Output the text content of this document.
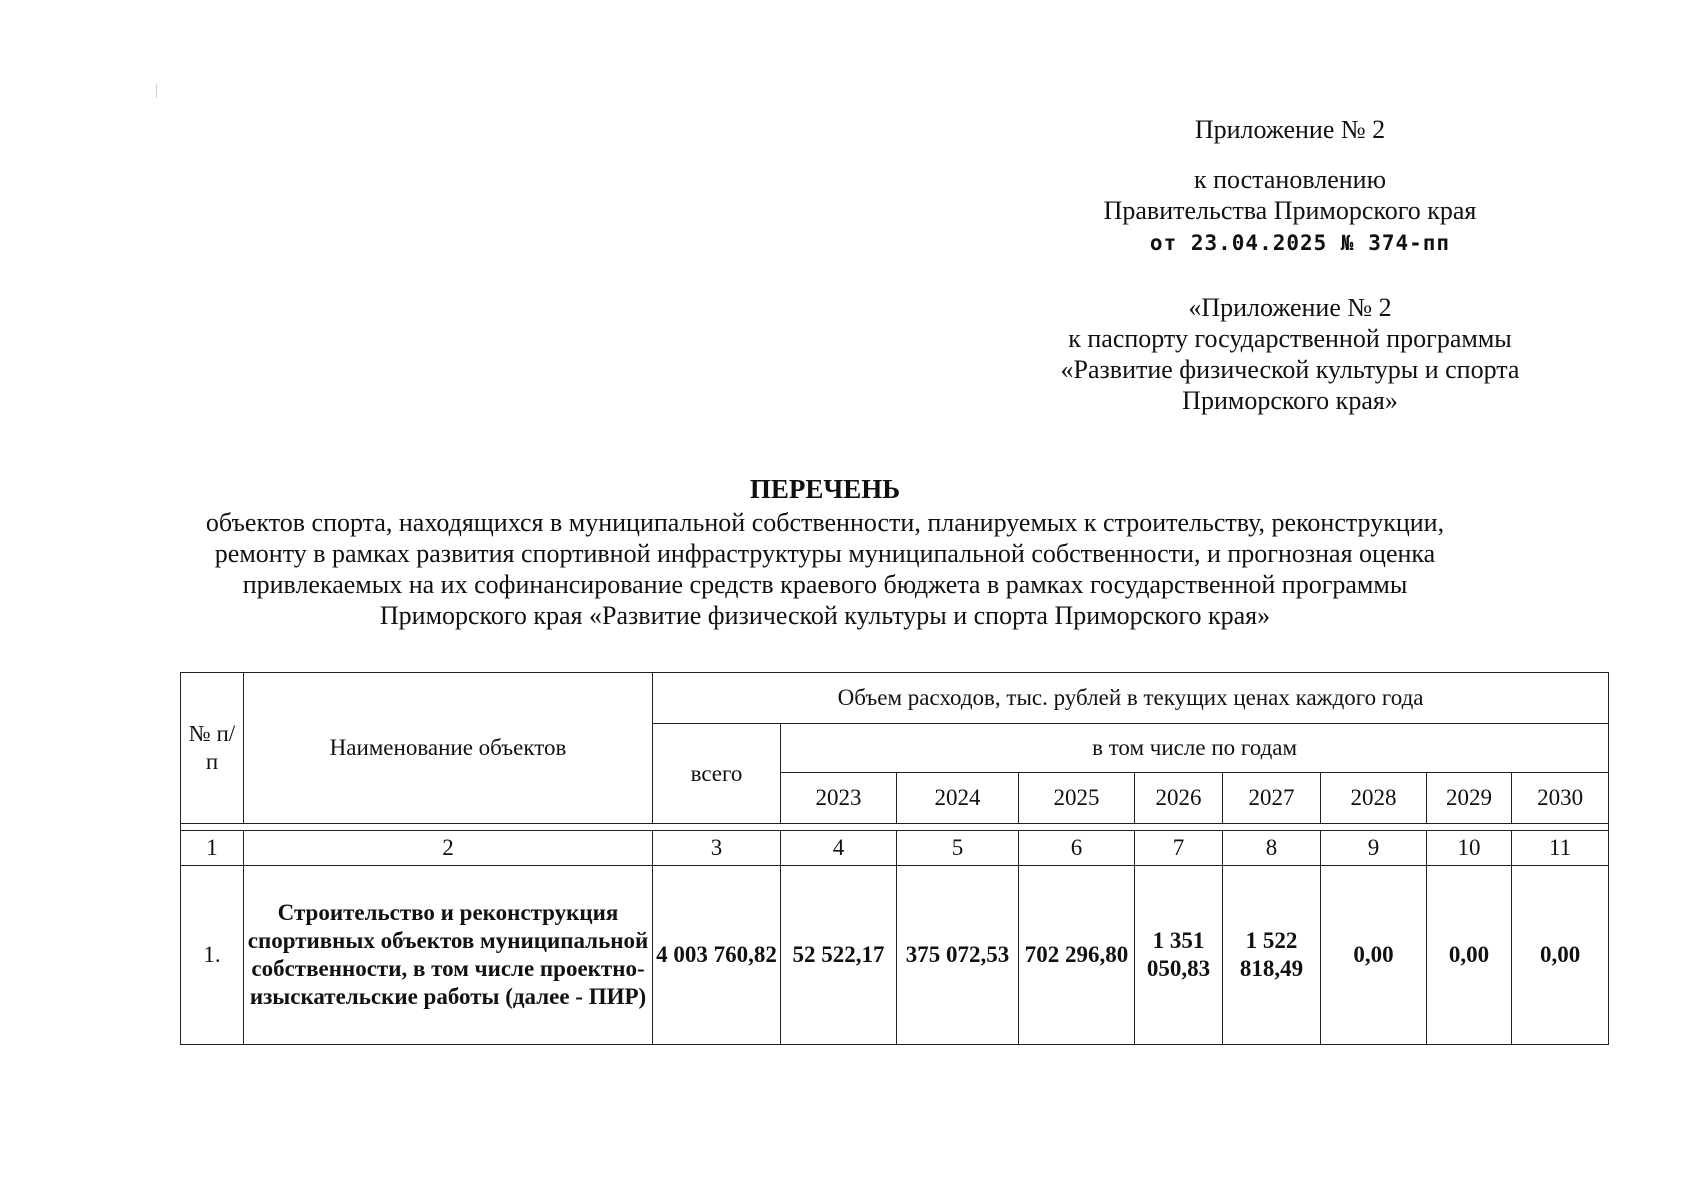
Приложение № 2
к постановлению
Правительства Приморского края
от 23.04.2025 № 374-пп
«Приложение № 2
к паспорту государственной программы
«Развитие физической культуры и спорта
Приморского края»
ПЕРЕЧЕНЬ
объектов спорта, находящихся в муниципальной собственности, планируемых к строительству, реконструкции,
ремонту в рамках развития спортивной инфраструктуры муниципальной собственности, и прогнозная оценка
привлекаемых на их софинансирование средств краевого бюджета в рамках государственной программы
Приморского края «Развитие физической культуры и спорта Приморского края»
№ п/п	Наименование объектов	Объем расходов, тыс. рублей в текущих ценах каждого года								
		всего	в том числе по годам							
			2023	2024	2025	2026	2027	2028	2029	2030

1	2	3	4	5	6	7	8	9	10	11
1.	Строительство и реконструкция спортивных объектов муниципальной собственности, в том числе проектно-изыскательские работы (далее - ПИР)	4 003 760,82	52 522,17	375 072,53	702 296,80	1 351 050,83	1 522 818,49	0,00	0,00	0,00
